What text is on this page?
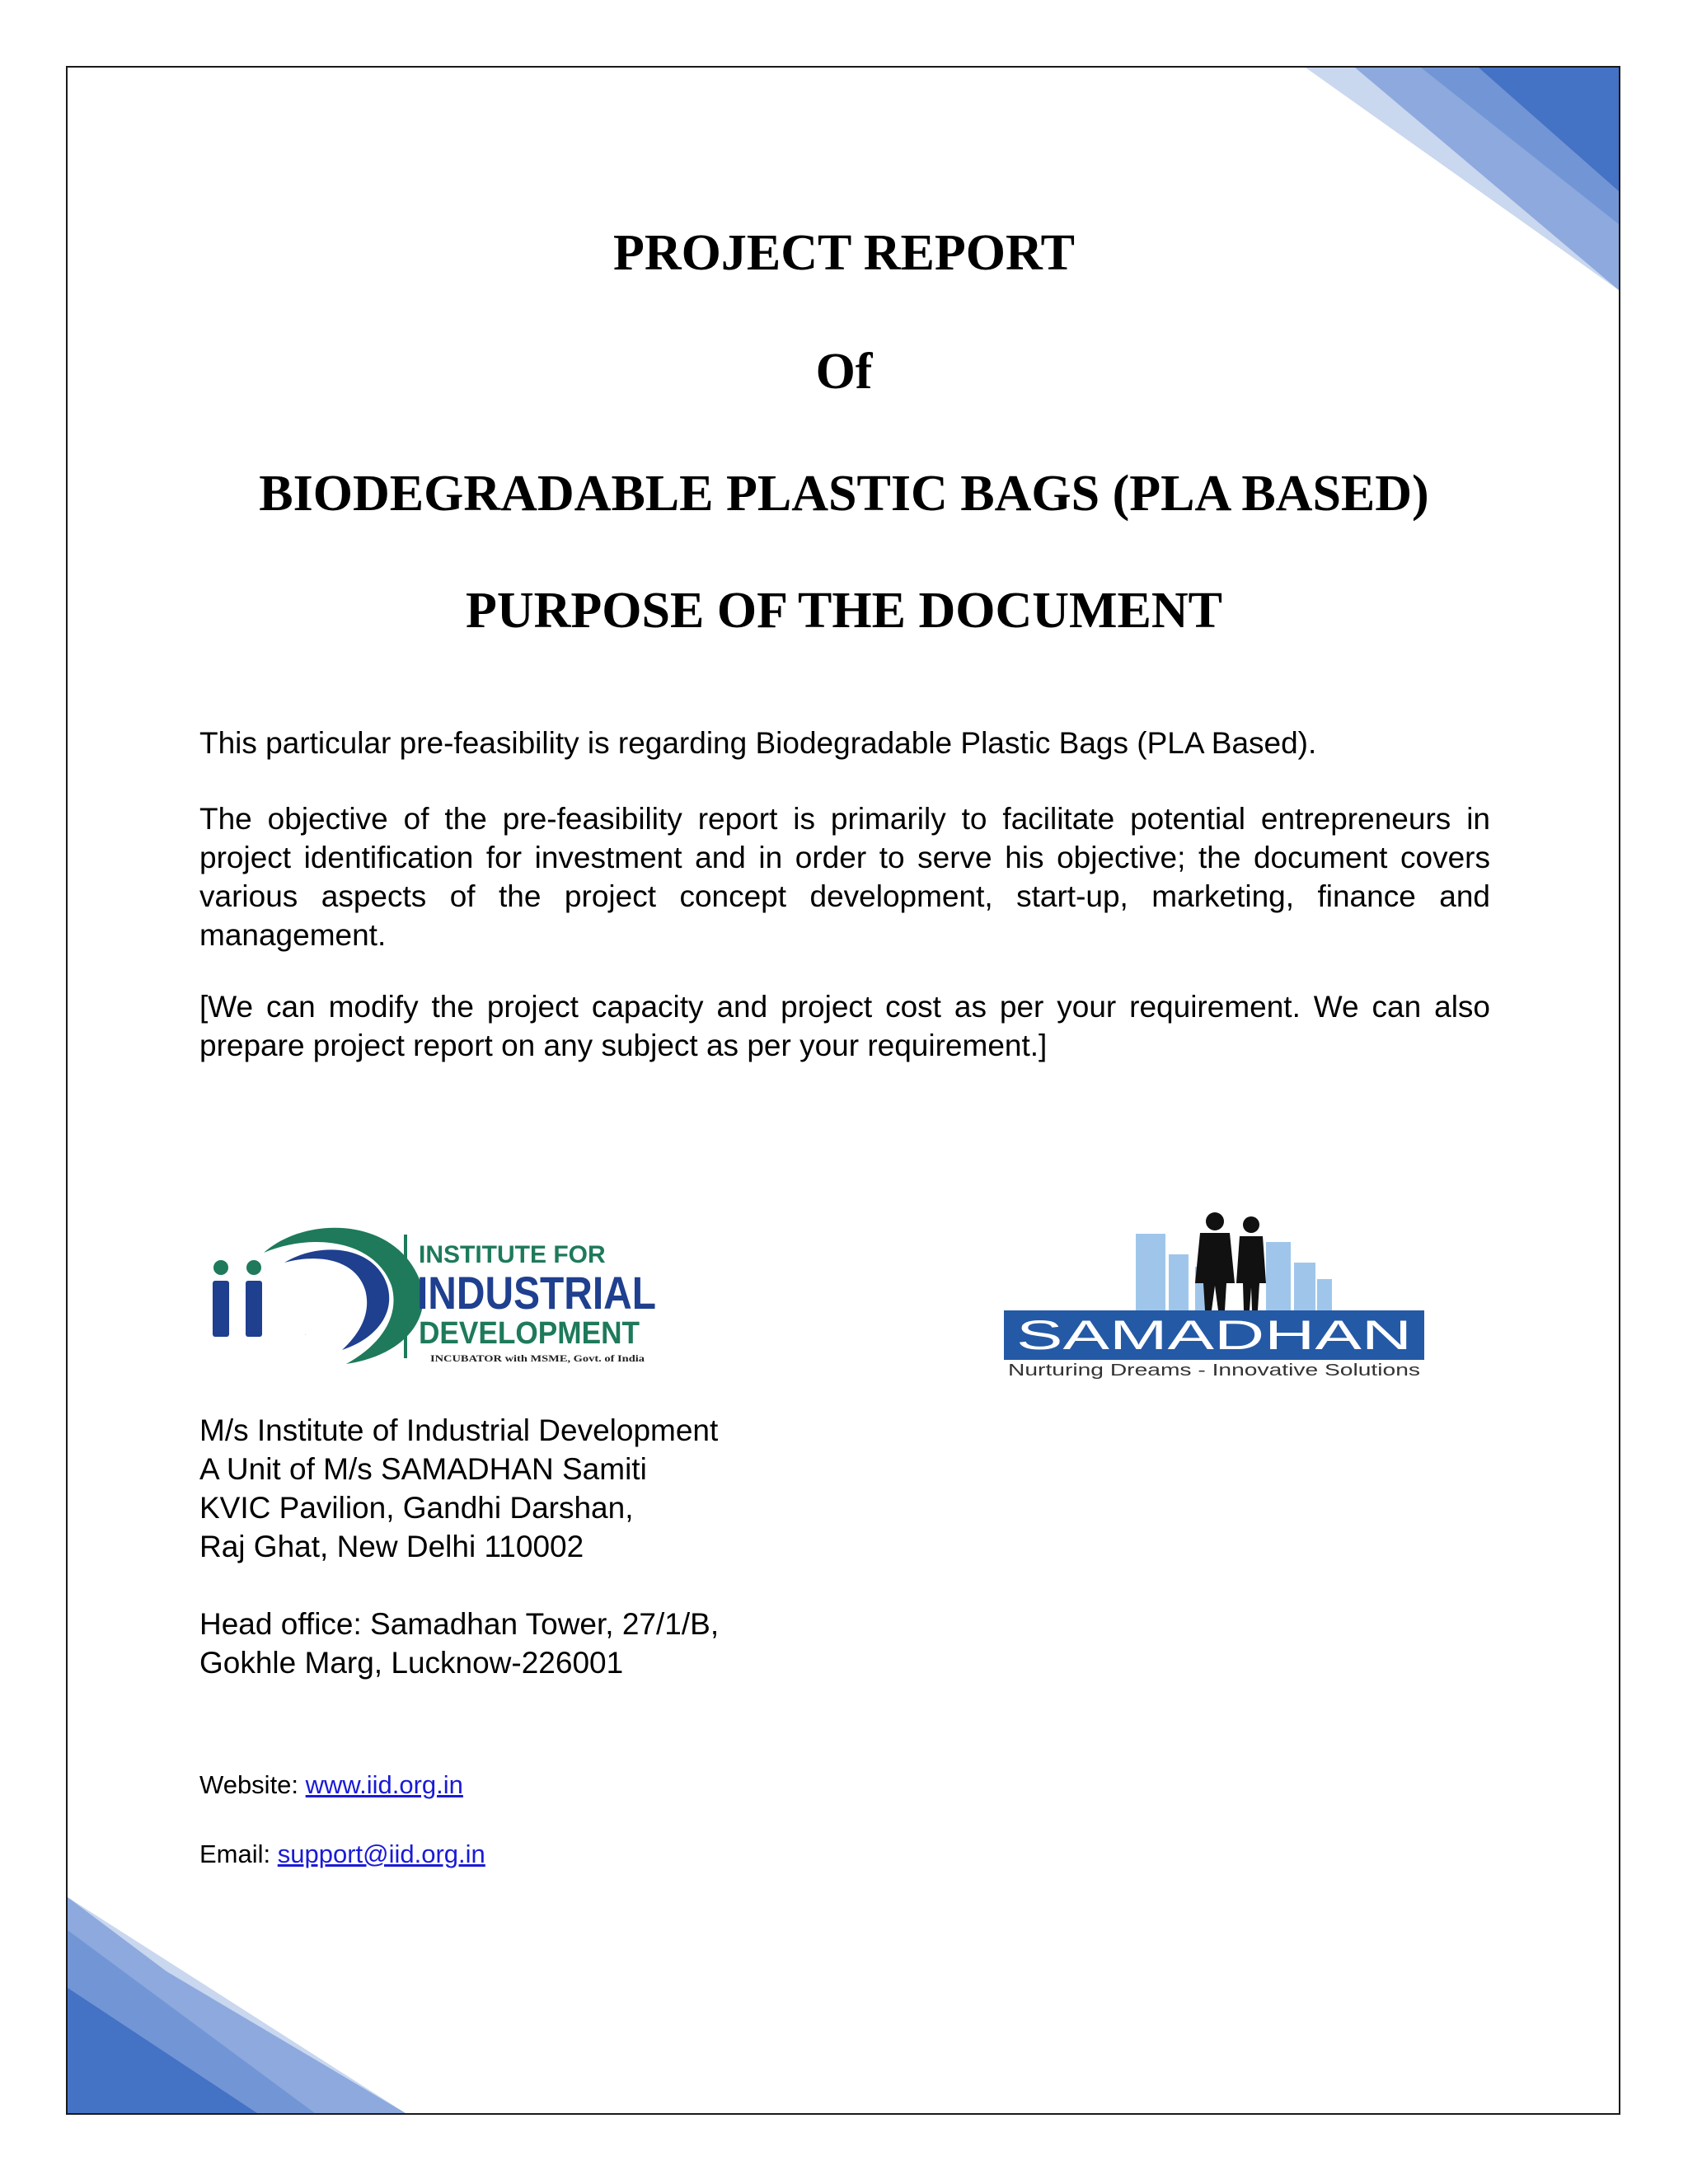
PROJECT REPORT
Of
BIODEGRADABLE PLASTIC BAGS (PLA BASED)
PURPOSE OF THE DOCUMENT

This particular pre-feasibility is regarding Biodegradable Plastic Bags (PLA Based).

The objective of the pre-feasibility report is primarily to facilitate potential entrepreneurs in project identification for investment and in order to serve his objective; the document covers various aspects of the project concept development, start-up, marketing, finance and management.

[We can modify the project capacity and project cost as per your requirement. We can also prepare project report on any subject as per your requirement.]

iiD
INSTITUTE FOR
INDUSTRIAL
DEVELOPMENT
INCUBATOR with MSME, Govt. of India	SAMADHAN
Nurturing Dreams - Innovative Solutions
M/s Institute of Industrial Development
A Unit of M/s SAMADHAN Samiti
KVIC Pavilion, Gandhi Darshan,
Raj Ghat, New Delhi 110002
Head office: Samadhan Tower, 27/1/B,
Gokhle Marg, Lucknow-226001

Website: www.iid.org.in

Email: support@iid.org.in
